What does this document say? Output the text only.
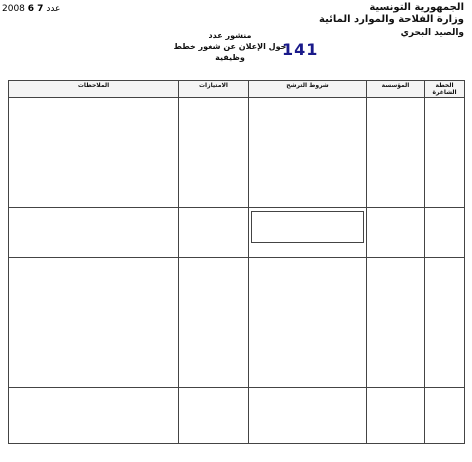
2008 6 7 عدد	الجمهورية التونسية
وزارة الفلاحة والموارد المائية
والصيد البحري
141
منشور عدد
حول الإعلان عن شغور خطط وظيفية
الخطة الشاغرة	المؤسسة	شروط الترشح	الامتيازات	الملاحظات
